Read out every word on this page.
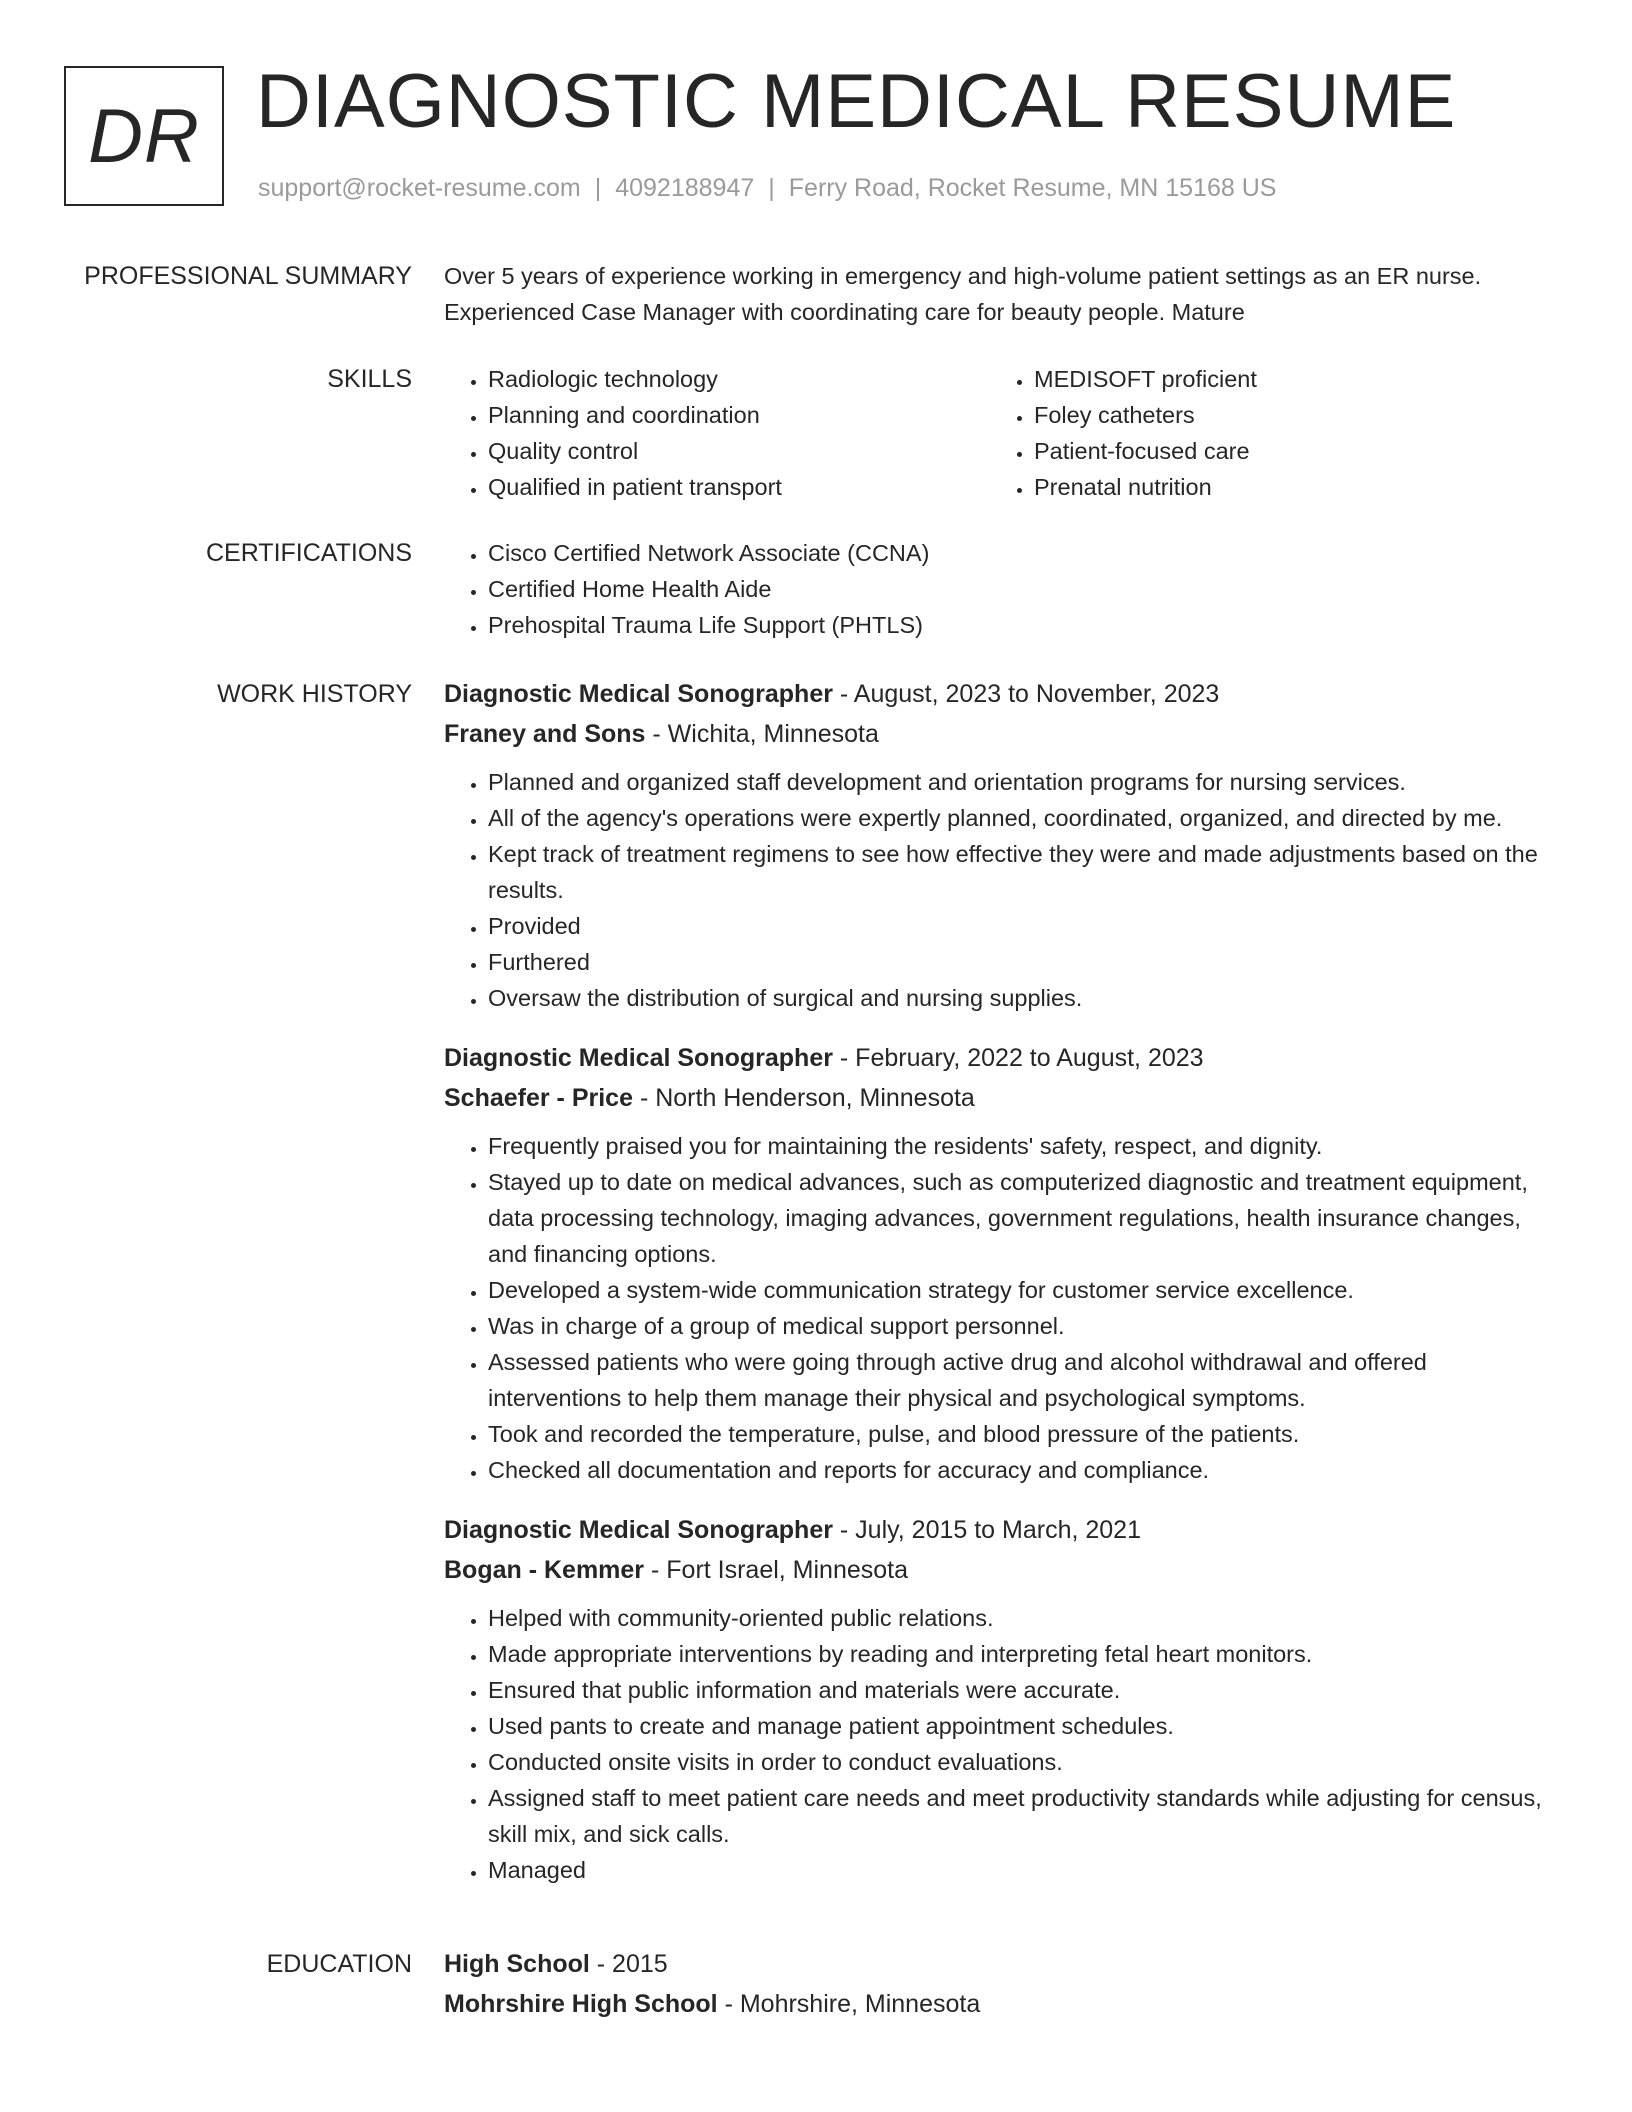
DR DIAGNOSTIC MEDICAL RESUME
support@rocket-resume.com | 4092188947 | Ferry Road, Rocket Resume, MN 15168 US
PROFESSIONAL SUMMARY Over 5 years of experience working in emergency and high-volume patient settings as an ER nurse. Experienced Case Manager with coordinating care for beauty people. Mature
SKILLS	• Radiologic technology
• Planning and coordination
• Quality control
• Qualified in patient transport
• MEDISOFT proficient
• Foley catheters
• Patient-focused care
• Prenatal nutrition
CERTIFICATIONS	• Cisco Certified Network Associate (CCNA)
• Certified Home Health Aide
• Prehospital Trauma Life Support (PHTLS)
WORK HISTORY Diagnostic Medical Sonographer - August, 2023 to November, 2023
Franey and Sons - Wichita, Minnesota
• Planned and organized staff development and orientation programs for nursing services.
• All of the agency's operations were expertly planned, coordinated, organized, and directed by me.
• Kept track of treatment regimens to see how effective they were and made adjustments based on the results.
• Provided
• Furthered
• Oversaw the distribution of surgical and nursing supplies.
Diagnostic Medical Sonographer - February, 2022 to August, 2023
Schaefer - Price - North Henderson, Minnesota
• Frequently praised you for maintaining the residents' safety, respect, and dignity.
• Stayed up to date on medical advances, such as computerized diagnostic and treatment equipment, data processing technology, imaging advances, government regulations, health insurance changes, and financing options.
• Developed a system-wide communication strategy for customer service excellence.
• Was in charge of a group of medical support personnel.
• Assessed patients who were going through active drug and alcohol withdrawal and offered interventions to help them manage their physical and psychological symptoms.
• Took and recorded the temperature, pulse, and blood pressure of the patients.
• Checked all documentation and reports for accuracy and compliance.
Diagnostic Medical Sonographer - July, 2015 to March, 2021
Bogan - Kemmer - Fort Israel, Minnesota
• Helped with community-oriented public relations.
• Made appropriate interventions by reading and interpreting fetal heart monitors.
• Ensured that public information and materials were accurate.
• Used pants to create and manage patient appointment schedules.
• Conducted onsite visits in order to conduct evaluations.
• Assigned staff to meet patient care needs and meet productivity standards while adjusting for census, skill mix, and sick calls.
• Managed
EDUCATION High School - 2015
Mohrshire High School - Mohrshire, Minnesota
